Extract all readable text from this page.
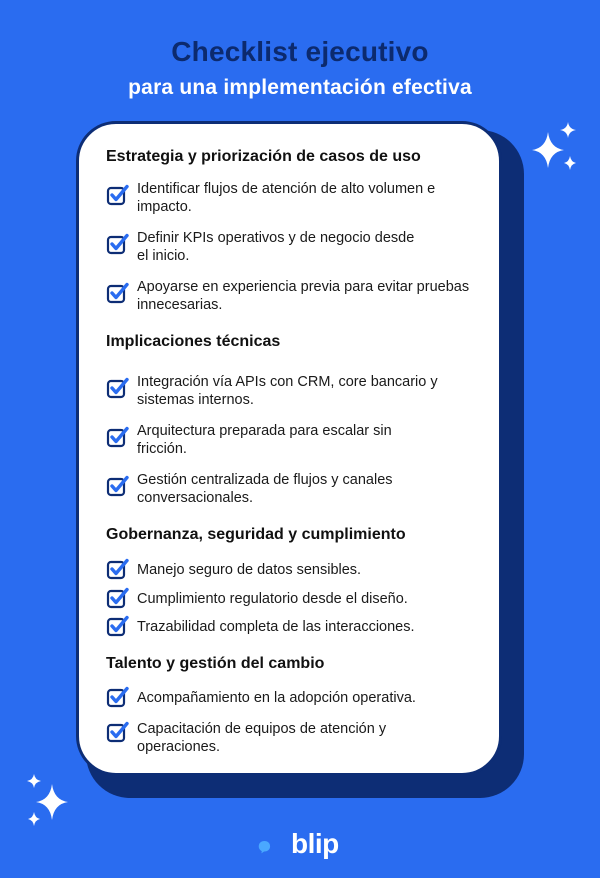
Checklist ejecutivo
para una implementación efectiva
Estrategia y priorización de casos de uso
Identificar flujos de atención de alto volumen e impacto.
Definir KPIs operativos y de negocio desde el inicio.
Apoyarse en experiencia previa para evitar pruebas innecesarias.
Implicaciones técnicas
Integración vía APIs con CRM, core bancario y sistemas internos.
Arquitectura preparada para escalar sin fricción.
Gestión centralizada de flujos y canales conversacionales.
Gobernanza, seguridad y cumplimiento
Manejo seguro de datos sensibles.
Cumplimiento regulatorio desde el diseño.
Trazabilidad completa de las interacciones.
Talento y gestión del cambio
Acompañamiento en la adopción operativa.
Capacitación de equipos de atención y operaciones.
blip
